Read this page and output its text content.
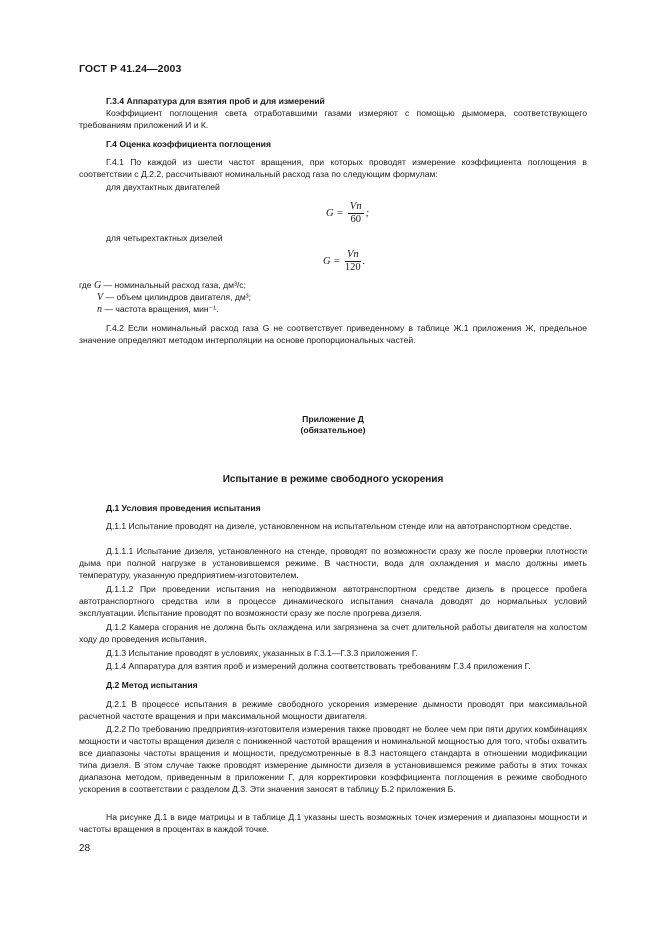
ГОСТ Р 41.24—2003
Г.3.4 Аппаратура для взятия проб и для измерений
Коэффициент поглощения света отработавшими газами измеряют с помощью дымомера, соответствующего требованиям приложений И и К.
Г.4 Оценка коэффициента поглощения
Г.4.1 По каждой из шести частот вращения, при которых проводят измерение коэффициента поглощения в соответствии с Д.2.2, рассчитывают номинальный расход газа по следующим формулам:
для двухтактных двигателей
$G = \frac{Vn}{60}$ ;
для четырехтактных дизелей
$G = \frac{Vn}{120}$ .
где G — номинальный расход газа, дм³/с;
V — объем цилиндров двигателя, дм³;
n — частота вращения, мин⁻¹.
Г.4.2 Если номинальный расход газа G не соответствует приведенному в таблице Ж.1 приложения Ж, предельное значение определяют методом интерполяции на основе пропорциональных частей.
Приложение Д
(обязательное)
Испытание в режиме свободного ускорения
Д.1 Условия проведения испытания
Д.1.1 Испытание проводят на дизеле, установленном на испытательном стенде или на автотранспортном средстве.
Д.1.1.1 Испытание дизеля, установленного на стенде, проводят по возможности сразу же после проверки плотности дыма при полной нагрузке в установившемся режиме. В частности, вода для охлаждения и масло должны иметь температуру, указанную предприятием-изготовителем.
Д.1.1.2 При проведении испытания на неподвижном автотранспортном средстве дизель в процессе пробега автотранспортного средства или в процессе динамического испытания сначала доводят до нормальных условий эксплуатации. Испытание проводят по возможности сразу же после прогрева дизеля.
Д.1.2 Камера сгорания не должна быть охлаждена или загрязнена за счет длительной работы двигателя на холостом ходу до проведения испытания.
Д.1.3 Испытание проводят в условиях, указанных в Г.3.1—Г.3.3 приложения Г.
Д.1.4 Аппаратура для взятия проб и измерений должна соответствовать требованиям Г.3.4 приложения Г.
Д.2 Метод испытания
Д.2.1 В процессе испытания в режиме свободного ускорения измерение дымности проводят при максимальной расчетной частоте вращения и при максимальной мощности двигателя.
Д.2.2 По требованию предприятия-изготовителя измерения также проводят не более чем при пяти других комбинациях мощности и частоты вращения дизеля с пониженной частотой вращения и номинальной мощностью для того, чтобы охватить все диапазоны частоты вращения и мощности, предусмотренные в 8.3 настоящего стандарта в отношении модификации типа дизеля. В этом случае также проводят измерение дымности дизеля в установившемся режиме работы в этих точках диапазона методом, приведенным в приложении Г, для корректировки коэффициента поглощения в режиме свободного ускорения в соответствии с разделом Д.3. Эти значения заносят в таблицу Б.2 приложения Б.
На рисунке Д.1 в виде матрицы и в таблице Д.1 указаны шесть возможных точек измерения и диапазоны мощности и частоты вращения в процентах в каждой точке.
28
